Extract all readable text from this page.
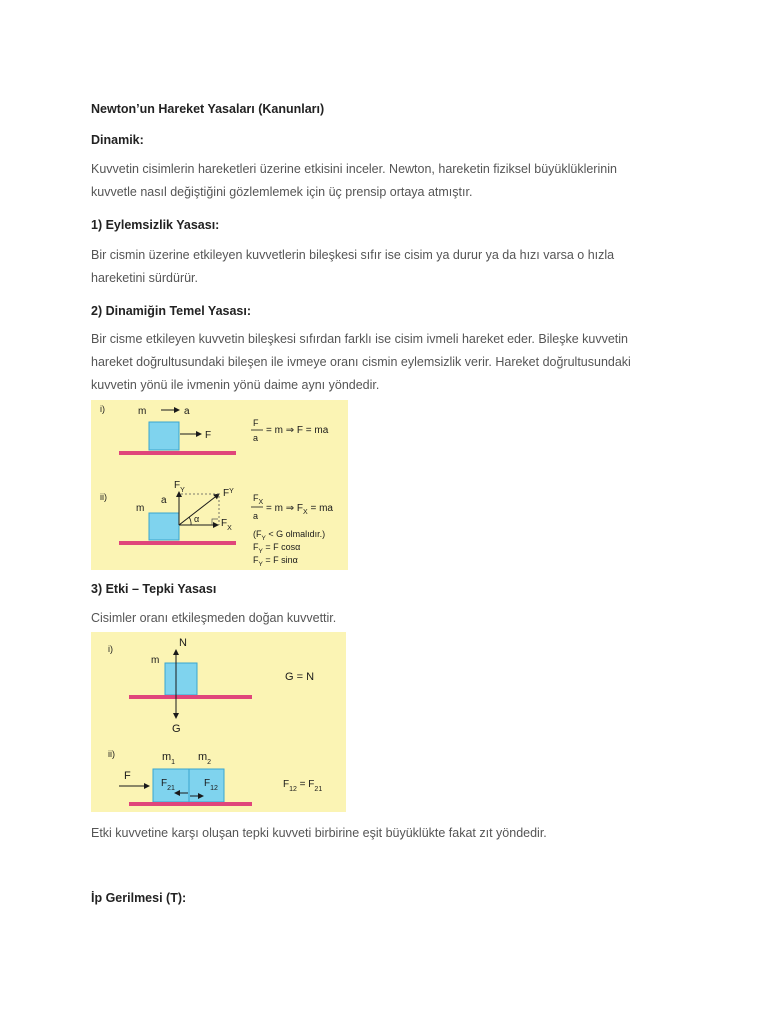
Newton’un Hareket Yasaları (Kanunları)

Dinamik:

Kuvvetin cisimlerin hareketleri üzerine etkisini inceler. Newton, hareketin fiziksel büyüklüklerinin
kuvvetle nasıl değiştiğini gözlemlemek için üç prensip ortaya atmıştır.

1) Eylemsizlik Yasası:

Bir cismin üzerine etkileyen kuvvetlerin bileşkesi sıfır ise cisim ya durur ya da hızı varsa o hızla
hareketini sürdürür.

2) Dinamiğin Temel Yasası:

Bir cisme etkileyen kuvvetin bileşkesi sıfırdan farklı ise cisim ivmeli hareket eder. Bileşke kuvvetin
hareket doğrultusundaki bileşen ile ivmeye oranı cismin eylemsizlik verir. Hareket doğrultusundaki
kuvvetin yönü ile ivmenin yönü daime aynı yöndedir.

i)	m	a
F
F
a
= m ⇒ F = ma
ii)
m
a
α
$F_Y$	$F^Y$
$F_X$
$F_X$
a
= m ⇒ $F_X$ = ma
($F_Y < G$ olmalıdır.)
$F_Y = F$ cosα
$F_Y = F$ sinα

3) Etki – Tepki Yasası

Cisimler oranı etkileşmeden doğan kuvvettir.

i)
m
N
G
G = N
ii)	$m_1$ $m_2$
F
$F_{21}$	$F_{12}$	$F_{12} = F_{21}$

Etki kuvvetine karşı oluşan tepki kuvveti birbirine eşit büyüklükte fakat zıt yöndedir.

İp Gerilmesi (T):
